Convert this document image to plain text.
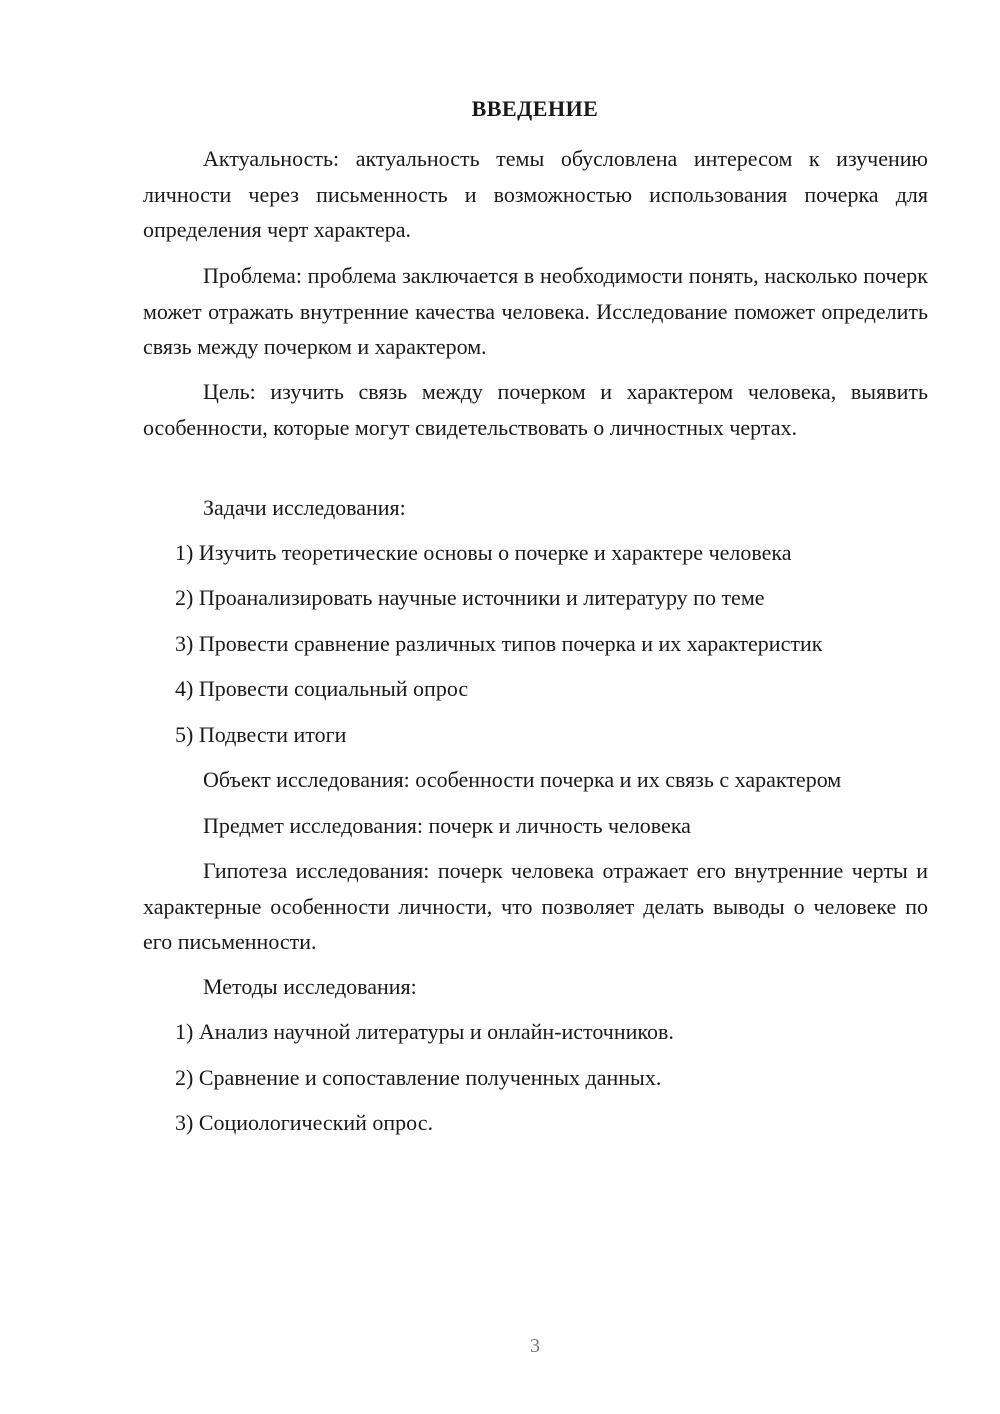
ВВЕДЕНИЕ

Актуальность: актуальность темы обусловлена интересом к изучению личности через письменность и возможностью использования почерка для определения черт характера.

Проблема: проблема заключается в необходимости понять, насколько почерк может отражать внутренние качества человека. Исследование поможет определить связь между почерком и характером.

Цель: изучить связь между почерком и характером человека, выявить особенности, которые могут свидетельствовать о личностных чертах.

Задачи исследования:

1) Изучить теоретические основы о почерке и характере человека

2) Проанализировать научные источники и литературу по теме

3) Провести сравнение различных типов почерка и их характеристик

4) Провести социальный опрос

5) Подвести итоги

Объект исследования: особенности почерка и их связь с характером

Предмет исследования: почерк и личность человека

Гипотеза исследования: почерк человека отражает его внутренние черты и характерные особенности личности, что позволяет делать выводы о человеке по его письменности.

Методы исследования:

1) Анализ научной литературы и онлайн-источников.

2) Сравнение и сопоставление полученных данных.

3) Социологический опрос.

3
